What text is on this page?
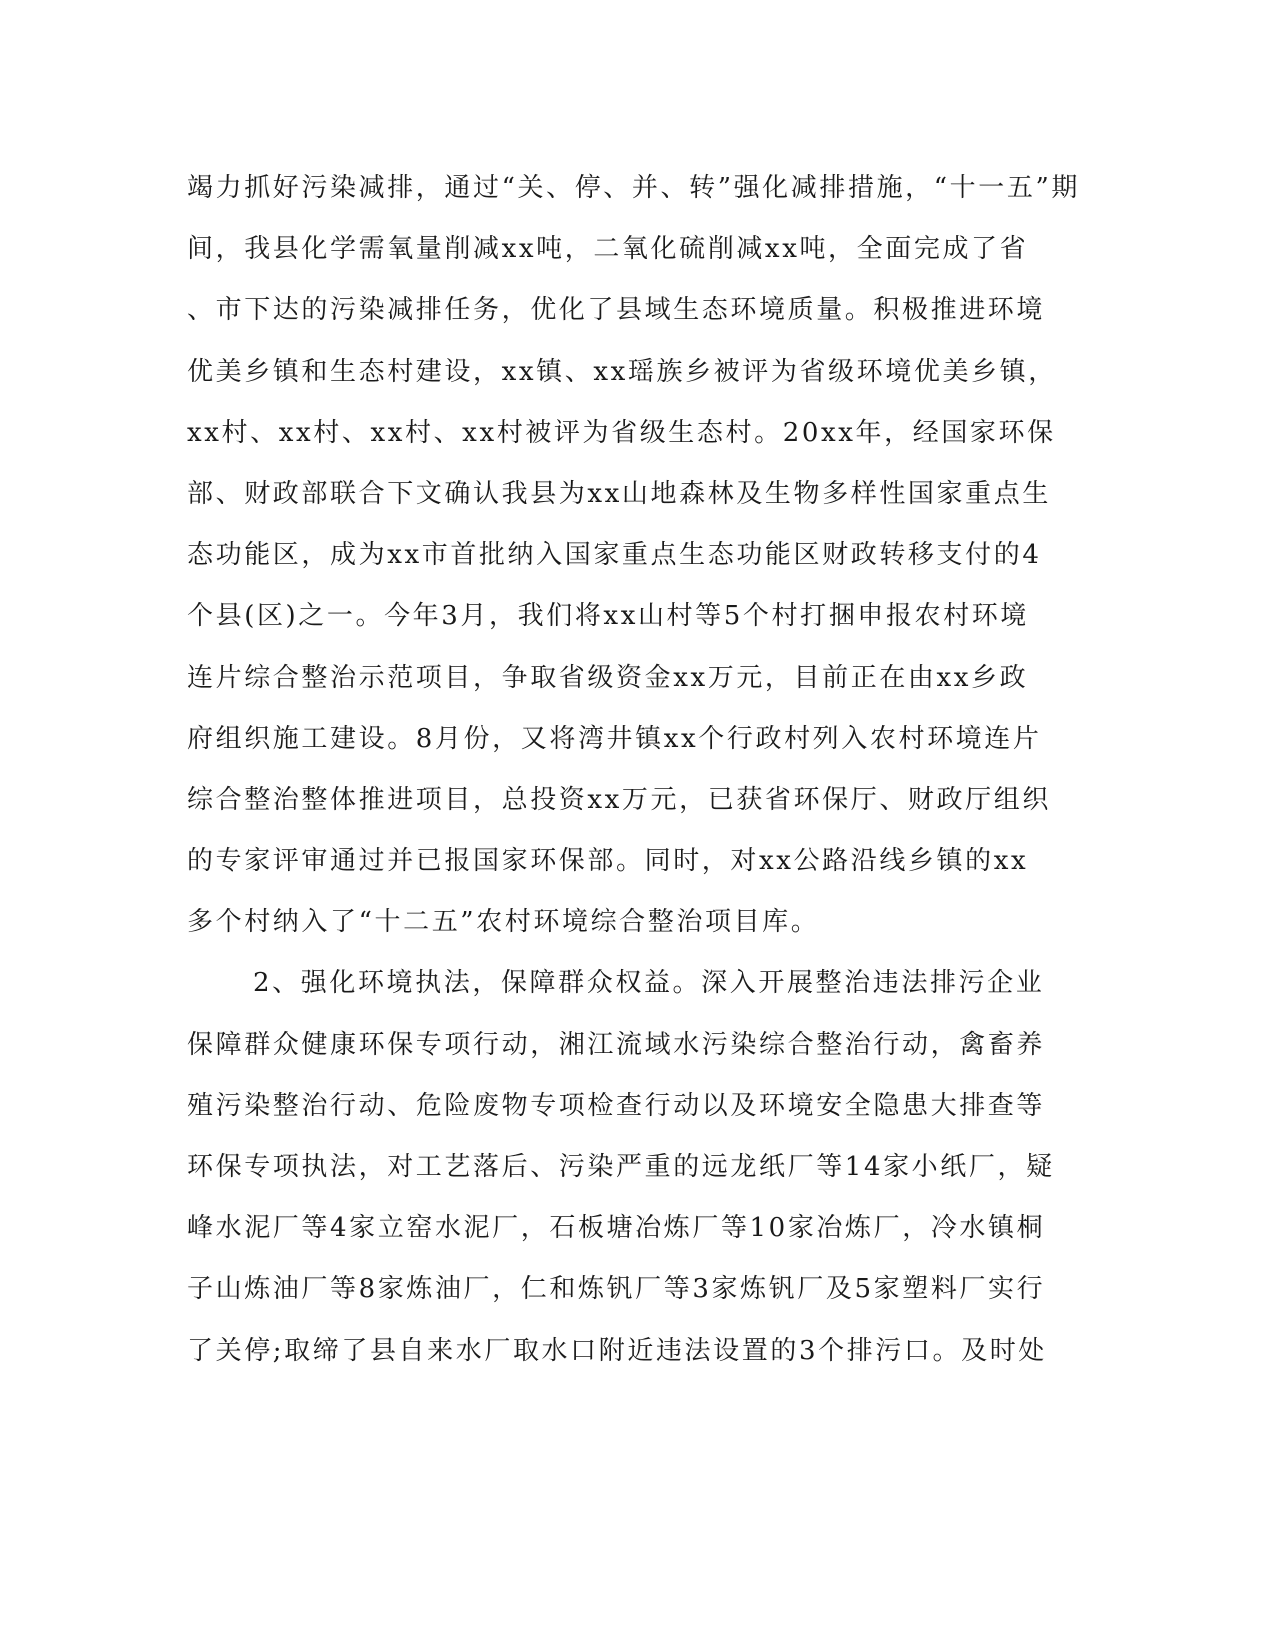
竭力抓好污染减排，通过“关、停、并、转”强化减排措施，“十一五”期
间，我县化学需氧量削减xx吨，二氧化硫削减xx吨，全面完成了省
、市下达的污染减排任务，优化了县域生态环境质量。积极推进环境
优美乡镇和生态村建设，xx镇、xx瑶族乡被评为省级环境优美乡镇，
xx村、xx村、xx村、xx村被评为省级生态村。20xx年，经国家环保
部、财政部联合下文确认我县为xx山地森林及生物多样性国家重点生
态功能区，成为xx市首批纳入国家重点生态功能区财政转移支付的4
个县(区)之一。今年3月，我们将xx山村等5个村打捆申报农村环境
连片综合整治示范项目，争取省级资金xx万元，目前正在由xx乡政
府组织施工建设。8月份，又将湾井镇xx个行政村列入农村环境连片
综合整治整体推进项目，总投资xx万元，已获省环保厅、财政厅组织
的专家评审通过并已报国家环保部。同时，对xx公路沿线乡镇的xx
多个村纳入了“十二五”农村环境综合整治项目库。
2、强化环境执法，保障群众权益。深入开展整治违法排污企业
保障群众健康环保专项行动，湘江流域水污染综合整治行动，禽畜养
殖污染整治行动、危险废物专项检查行动以及环境安全隐患大排查等
环保专项执法，对工艺落后、污染严重的远龙纸厂等14家小纸厂，疑
峰水泥厂等4家立窑水泥厂，石板塘冶炼厂等10家冶炼厂，冷水镇桐
子山炼油厂等8家炼油厂，仁和炼钒厂等3家炼钒厂及5家塑料厂实行
了关停;取缔了县自来水厂取水口附近违法设置的3个排污口。及时处
